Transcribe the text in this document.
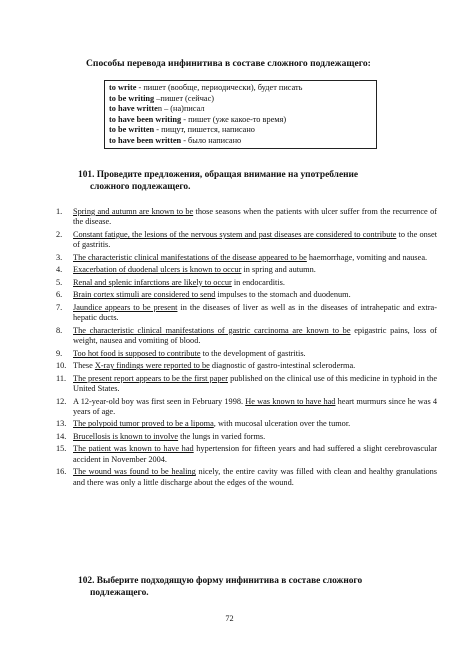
Способы перевода инфинитива в составе сложного подлежащего:
to write - пишет (вообще, периодически), будет писать
to be writing –пишет (сейчас)
to have written – (на)писал
to have been writing - пишет (уже какое-то время)
to be written - пищут, пишется, написано
to have been written - было написано
101. Проведите предложения, обращая внимание на употребление
сложного подлежащего.
1. Spring and autumn are known to be those seasons when the patients with ulcer suffer from the recurrence of the disease.
2. Constant fatigue, the lesions of the nervous system and past diseases are considered to contribute to the onset of gastritis.
3. The characteristic clinical manifestations of the disease appeared to be haemorrhage, vomiting and nausea.
4. Exacerbation of duodenal ulcers is known to occur in spring and autumn.
5. Renal and splenic infarctions are likely to occur in endocarditis.
6. Brain cortex stimuli are considered to send impulses to the stomach and duodenum.
7. Jaundice appears to be present in the diseases of liver as well as in the diseases of intrahepatic and extra-hepatic ducts.
8. The characteristic clinical manifestations of gastric carcinoma are known to be epigastric pains, loss of weight, nausea and vomiting of blood.
9. Too hot food is supposed to contribute to the development of gastritis.
10. These X-ray findings were reported to be diagnostic of gastro-intestinal scleroderma.
11. The present report appears to be the first paper published on the clinical use of this medicine in typhoid in the United States.
12. A 12-year-old boy was first seen in February 1998. He was known to have had heart murmurs since he was 4 years of age.
13. The polypoid tumor proved to be a lipoma, with mucosal ulceration over the tumor.
14. Brucellosis is known to involve the lungs in varied forms.
15. The patient was known to have had hypertension for fifteen years and had suffered a slight cerebrovascular accident in November 2004.
16. The wound was found to be healing nicely, the entire cavity was filled with clean and healthy granulations and there was only a little discharge about the edges of the wound.
102. Выберите подходящую форму инфинитива в составе сложного
подлежащего.
72
